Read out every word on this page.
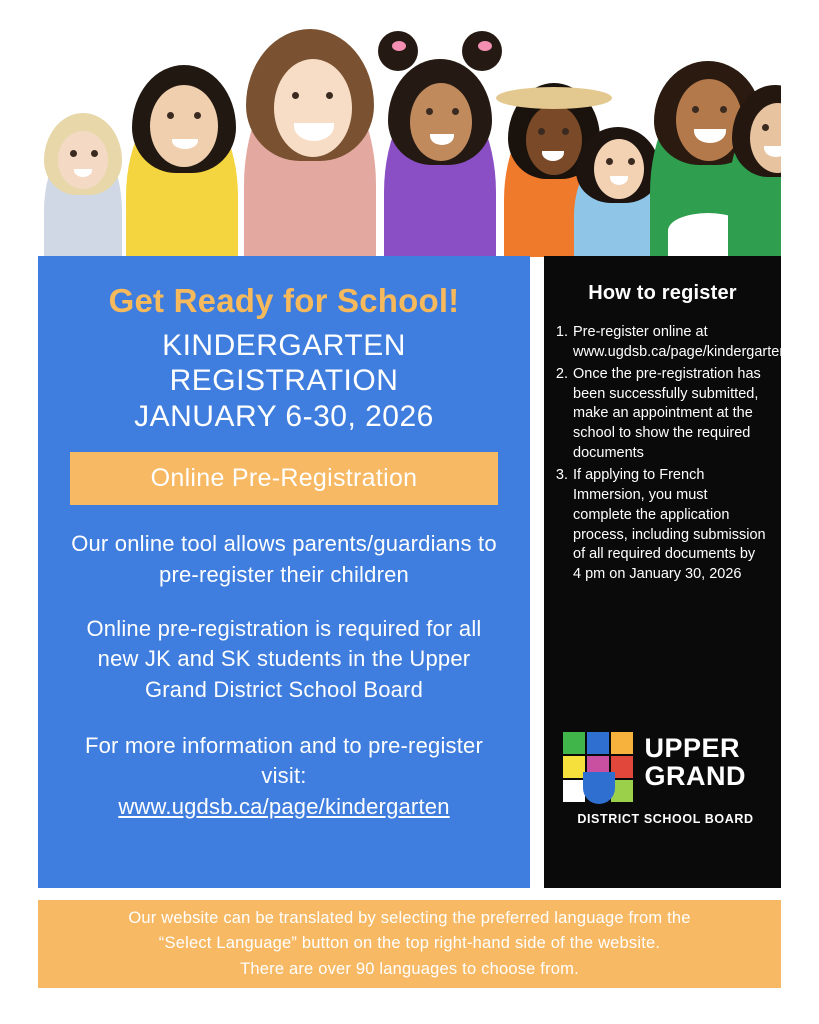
Get Ready for School!
KINDERGARTEN
REGISTRATION
JANUARY 6-30, 2026
Online Pre-Registration
Our online tool allows parents/guardians to pre-register their children
Online pre-registration is required for all new JK and SK students in the Upper Grand District School Board
For more information and to pre-register visit:
www.ugdsb.ca/page/kindergarten
How to register
1. Pre-register online at www.ugdsb.ca/page/kindergarten
2. Once the pre-registration has been successfully submitted, make an appointment at the school to show the required documents
3. If applying to French Immersion, you must complete the application process, including submission of all required documents by 4 pm on January 30, 2026
UPPER
GRAND
DISTRICT SCHOOL BOARD
Our website can be translated by selecting the preferred language from the
“Select Language” button on the top right-hand side of the website.
There are over 90 languages to choose from.
